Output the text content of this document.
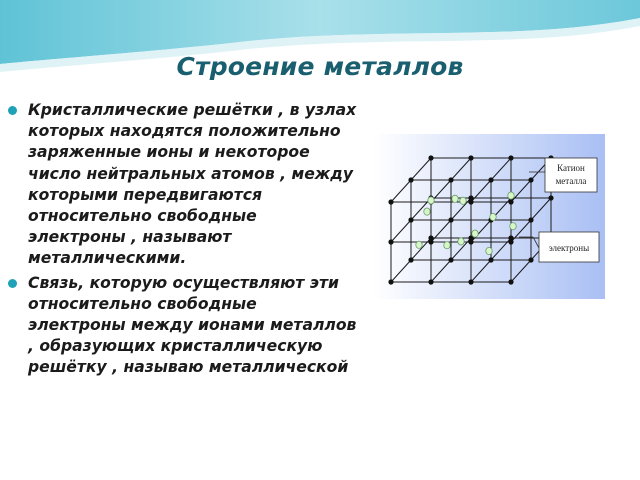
Строение металлов
Кристаллические решётки , в узлах которых находятся положительно заряженные ионы и некоторое число нейтральных атомов , между которыми передвигаются относительно свободные электроны , называют металлическими.
Связь, которую осуществляют эти относительно свободные электроны между ионами металлов , образующих кристаллическую решётку , называю металлической
Катион
металла
электроны
